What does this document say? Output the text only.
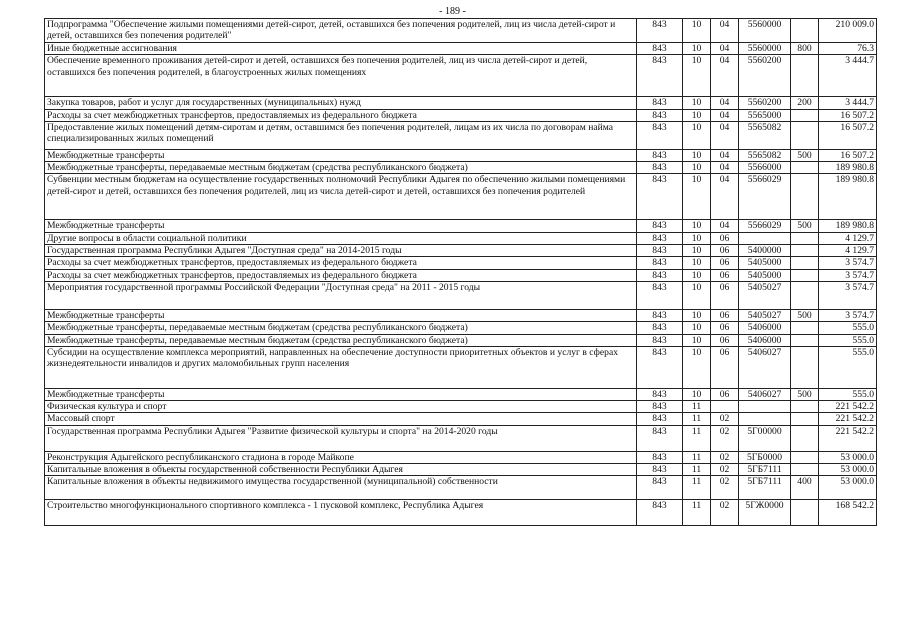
- 189 -
Подпрограмма "Обеспечение жилыми помещениями детей-сирот, детей, оставшихся без попечения родителей, лиц из числа детей-сирот и детей, оставшихся без попечения родителей"	843	10	04	5560000		210 009.0
Иные бюджетные ассигнования	843	10	04	5560000	800	76.3
Обеспечение временного проживания детей-сирот и детей, оставшихся без попечения родителей, лиц из числа детей-сирот и детей, оставшихся без попечения родителей, в благоустроенных жилых помещениях	843	10	04	5560200		3 444.7
Закупка товаров, работ и услуг для государственных (муниципальных) нужд	843	10	04	5560200	200	3 444.7
Расходы за счет межбюджетных трансфертов, предоставляемых из федерального бюджета	843	10	04	5565000		16 507.2
Предоставление жилых помещений детям-сиротам и детям, оставшимся без попечения родителей, лицам из их числа по договорам найма специализированных жилых помещений	843	10	04	5565082		16 507.2
Межбюджетные трансферты	843	10	04	5565082	500	16 507.2
Межбюджетные трансферты, передаваемые местным бюджетам (средства республиканского бюджета)	843	10	04	5566000		189 980.8
Субвенции местным бюджетам на осуществление государственных полномочий Республики Адыгея по обеспечению жилыми помещениями детей-сирот и детей, оставшихся без попечения родителей, лиц из числа детей-сирот и детей, оставшихся без попечения родителей	843	10	04	5566029		189 980.8
Межбюджетные трансферты	843	10	04	5566029	500	189 980.8
Другие вопросы в области социальной политики	843	10	06			4 129.7
Государственная программа Республики Адыгея "Доступная среда" на 2014-2015 годы	843	10	06	5400000		4 129.7
Расходы за счет межбюджетных трансфертов, предоставляемых из федерального бюджета	843	10	06	5405000		3 574.7
Расходы за счет межбюджетных трансфертов, предоставляемых из федерального бюджета	843	10	06	5405000		3 574.7
Мероприятия государственной программы Российской Федерации "Доступная среда" на 2011 - 2015 годы	843	10	06	5405027		3 574.7
Межбюджетные трансферты	843	10	06	5405027	500	3 574.7
Межбюджетные трансферты, передаваемые местным бюджетам (средства республиканского бюджета)	843	10	06	5406000		555.0
Межбюджетные трансферты, передаваемые местным бюджетам (средства республиканского бюджета)	843	10	06	5406000		555.0
Субсидии на осуществление комплекса мероприятий, направленных на обеспечение доступности приоритетных объектов и услуг в сферах жизнедеятельности инвалидов и других маломобильных групп населения	843	10	06	5406027		555.0
Межбюджетные трансферты	843	10	06	5406027	500	555.0
Физическая культура и спорт	843	11				221 542.2
Массовый спорт	843	11	02			221 542.2
Государственная программа Республики Адыгея "Развитие физической культуры и спорта" на 2014-2020 годы	843	11	02	5Г00000		221 542.2
Реконструкция Адыгейского республиканского стадиона в городе Майкопе	843	11	02	5ГБ0000		53 000.0
Капитальные вложения в объекты государственной собственности Республики Адыгея	843	11	02	5ГБ7111		53 000.0
Капитальные вложения в объекты недвижимого имущества государственной (муниципальной) собственности	843	11	02	5ГБ7111	400	53 000.0
Строительство многофункционального спортивного комплекса - 1 пусковой комплекс, Республика Адыгея	843	11	02	5ГЖ0000		168 542.2
